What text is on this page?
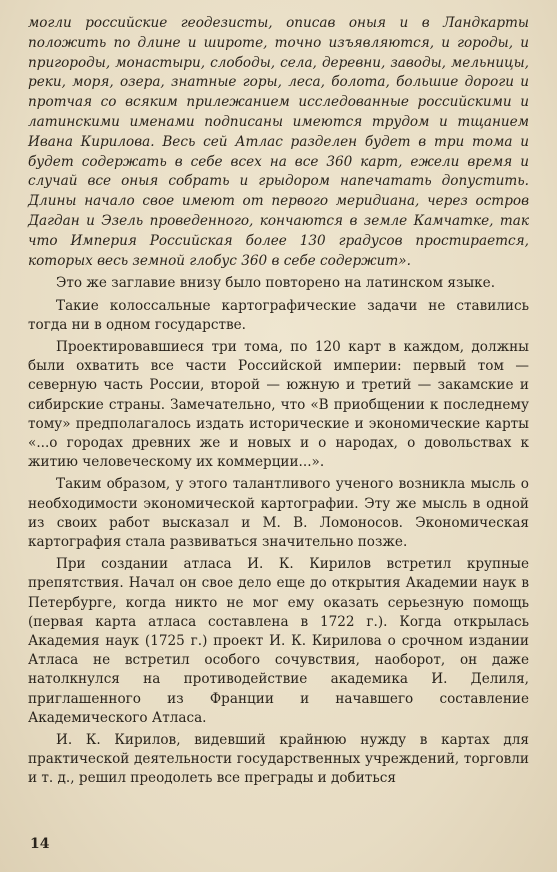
могли российские геодезисты, описав оныя и в Ландкарты положить по длине и широте, точно изъявляются, и городы, и пригороды, монастыри, слободы, села, деревни, заводы, мельницы, реки, моря, озера, знатные горы, леса, болота, большие дороги и протчая со всяким прилежанием исследованные российскими и латинскими именами подписаны имеются трудом и тщанием Ивана Кирилова. Весь сей Атлас разделен будет в три тома и будет содержать в себе всех на все 360 карт, ежели время и случай все оныя собрать и грыдором напечатать допустить. Длины начало свое имеют от первого меридиана, через остров Дагдан и Эзель проведенного, кончаются в земле Камчатке, так что Империя Российская более 130 градусов простирается, которых весь земной глобус 360 в себе содержит».

Это же заглавие внизу было повторено на латинском языке.

Такие колоссальные картографические задачи не ставились тогда ни в одном государстве.

Проектировавшиеся три тома, по 120 карт в каждом, должны были охватить все части Российской империи: первый том — северную часть России, второй — южную и третий — закамские и сибирские страны. Замечательно, что «В приобщении к последнему тому» предполагалось издать исторические и экономические карты «...о городах древних же и новых и о народах, о довольствах к житию человеческому их коммерции...».

Таким образом, у этого талантливого ученого возникла мысль о необходимости экономической картографии. Эту же мысль в одной из своих работ высказал и М. В. Ломоносов. Экономическая картография стала развиваться значительно позже.

При создании атласа И. К. Кирилов встретил крупные препятствия. Начал он свое дело еще до открытия Академии наук в Петербурге, когда никто не мог ему оказать серьезную помощь (первая карта атласа составлена в 1722 г.). Когда открылась Академия наук (1725 г.) проект И. К. Кирилова о срочном издании Атласа не встретил особого сочувствия, наоборот, он даже натолкнулся на противодействие академика И. Делиля, приглашенного из Франции и начавшего составление Академического Атласа.

И. К. Кирилов, видевший крайнюю нужду в картах для практической деятельности государственных учреждений, торговли и т. д., решил преодолеть все преграды и добиться

14
